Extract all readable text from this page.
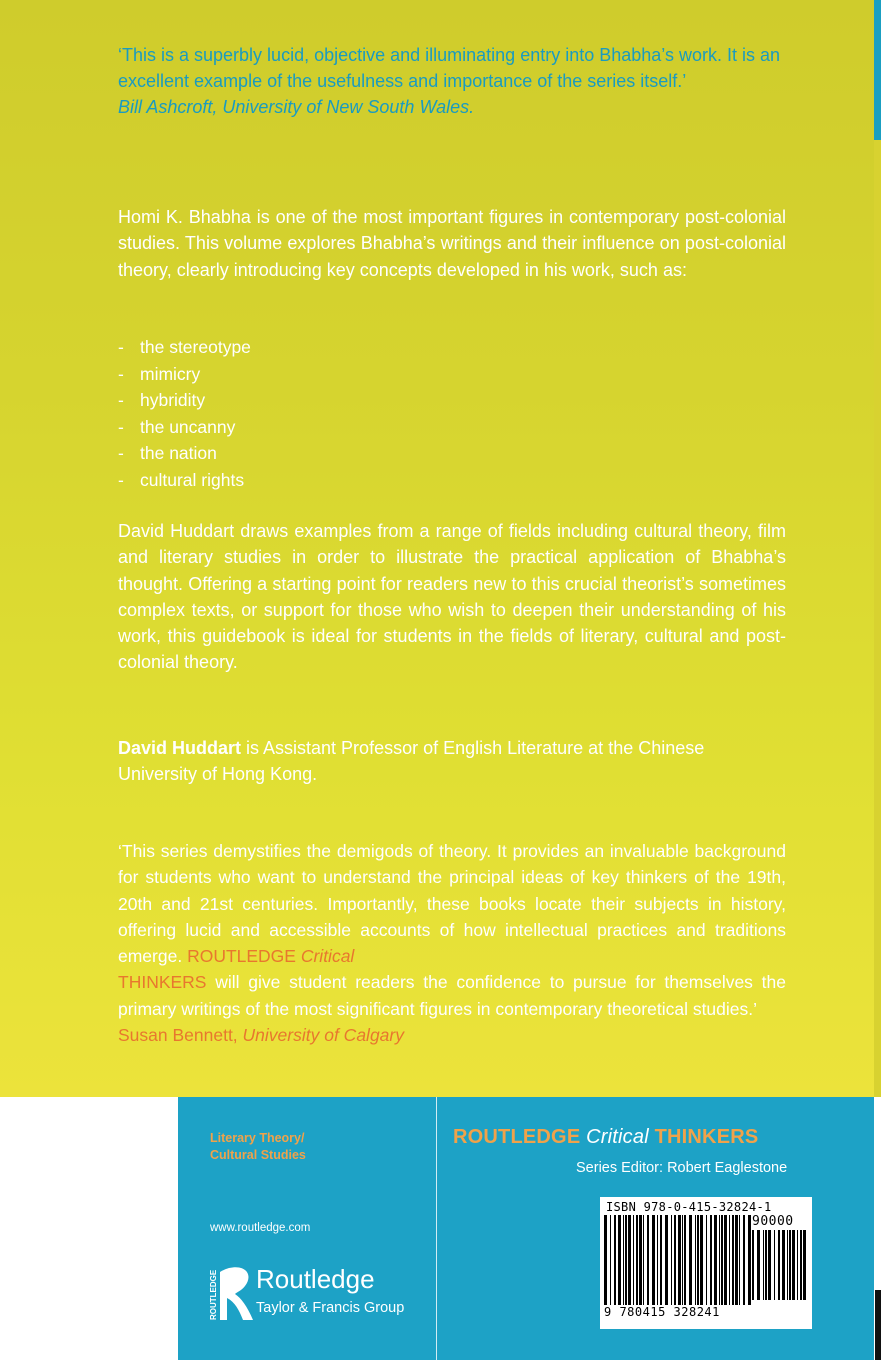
‘This is a superbly lucid, objective and illuminating entry into Bhabha’s work. It is an excellent example of the usefulness and importance of the series itself.’
Bill Ashcroft, University of New South Wales.
Homi K. Bhabha is one of the most important figures in contemporary post-colonial studies. This volume explores Bhabha’s writings and their influence on post-colonial theory, clearly introducing key concepts developed in his work, such as:
- the stereotype
- mimicry
- hybridity
- the uncanny
- the nation
- cultural rights
David Huddart draws examples from a range of fields including cultural theory, film and literary studies in order to illustrate the practical application of Bhabha’s thought. Offering a starting point for readers new to this crucial theorist’s sometimes complex texts, or support for those who wish to deepen their understanding of his work, this guidebook is ideal for students in the fields of literary, cultural and post-colonial theory.
David Huddart is Assistant Professor of English Literature at the Chinese University of Hong Kong.
‘This series demystifies the demigods of theory. It provides an invaluable background for students who want to understand the principal ideas of key thinkers of the 19th, 20th and 21st centuries. Importantly, these books locate their subjects in history, offering lucid and accessible accounts of how intellectual practices and traditions emerge. ROUTLEDGE Critical
THINKERS will give student readers the confidence to pursue for themselves the primary writings of the most significant figures in contemporary theoretical studies.’
Susan Bennett, University of Calgary
Literary Theory/
Cultural Studies
www.routledge.com
ROUTLEDGE Routledge
Taylor & Francis Group
ROUTLEDGE Critical THINKERS
Series Editor: Robert Eaglestone
ISBN 978-0-415-32824-1
90000
9 780415 328241
